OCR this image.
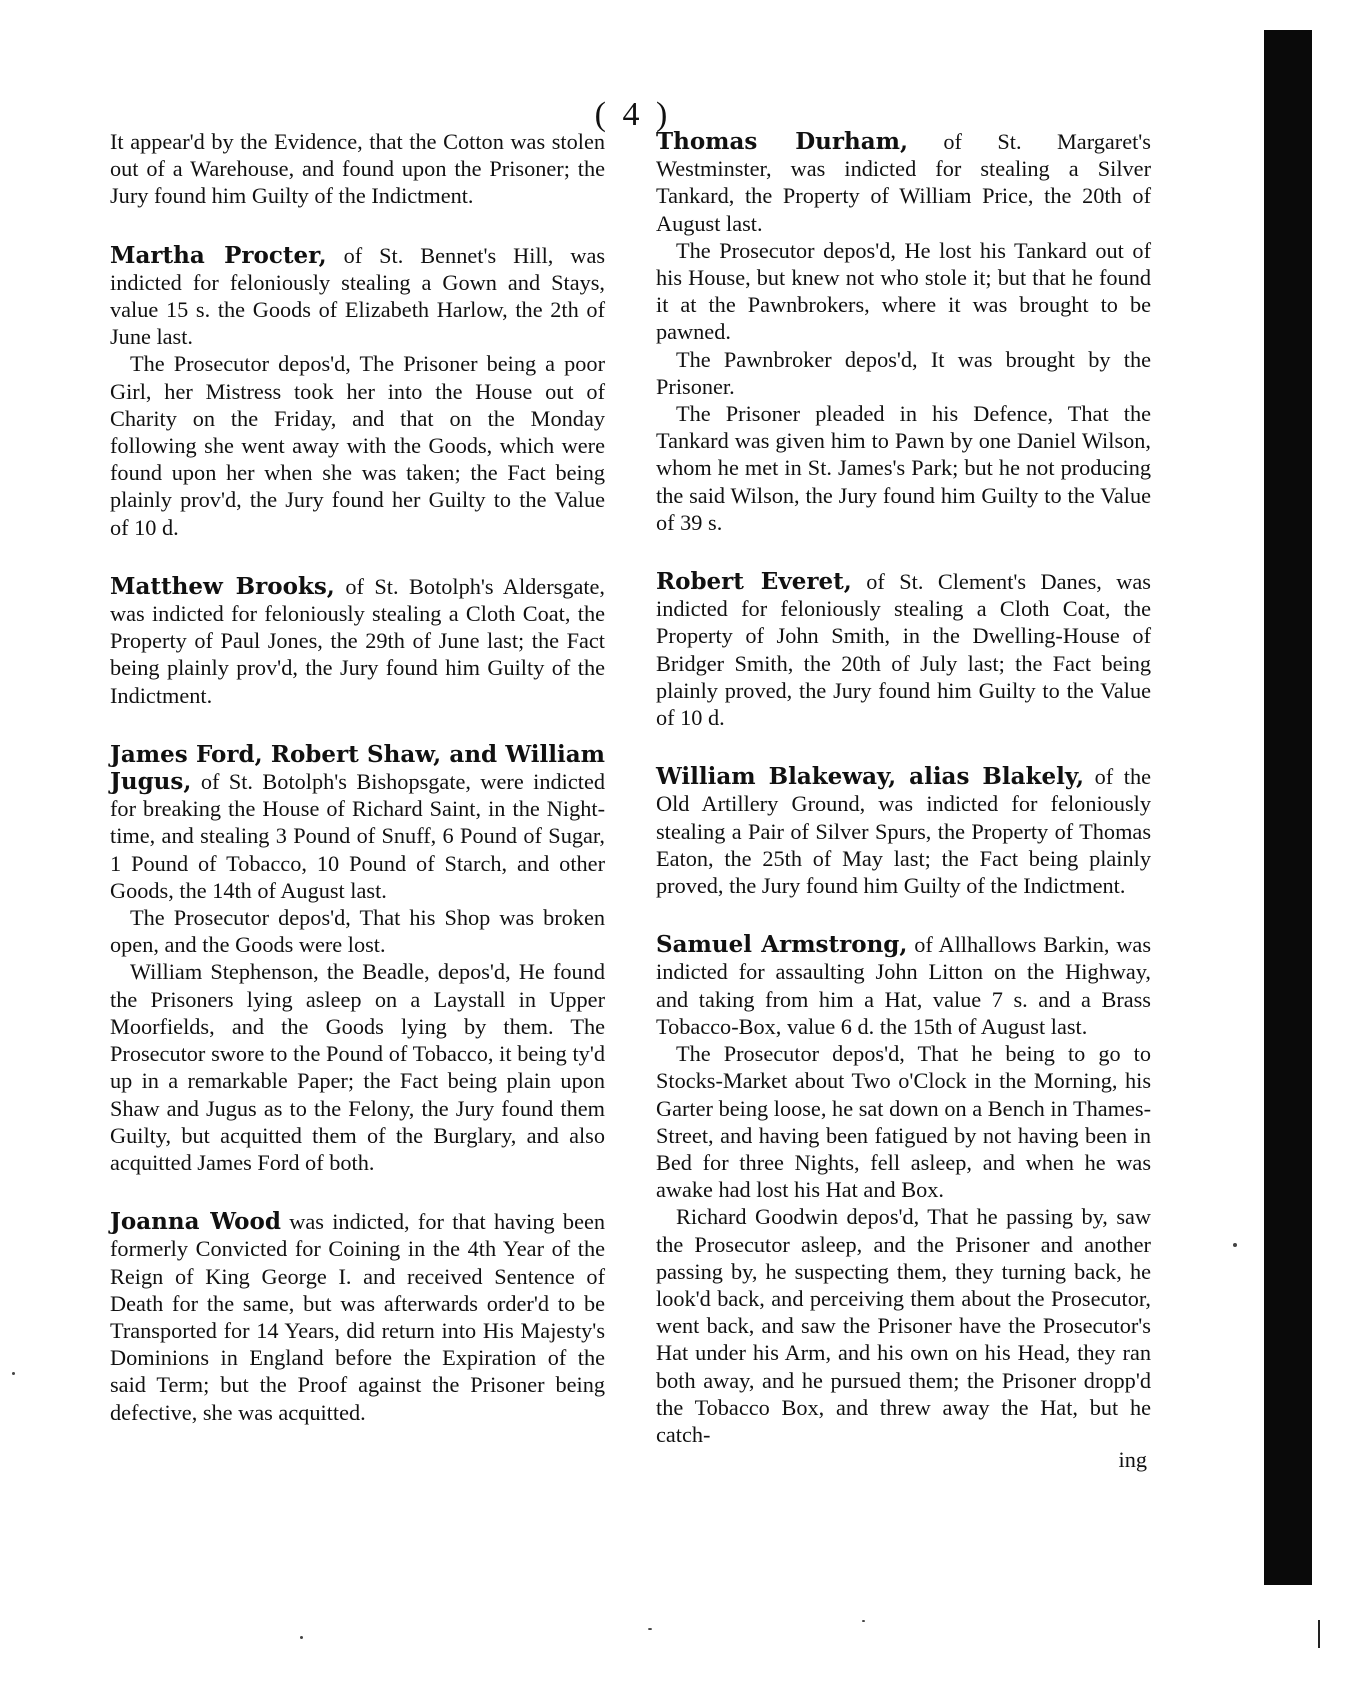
( 4 )

It appear'd by the Evidence, that the Cotton was stolen out of a Warehouse, and found upon the Prisoner; the Jury found him Guilty of the Indictment.

Martha Procter, of St. Bennet's Hill, was indicted for feloniously stealing a Gown and Stays, value 15 s. the Goods of Elizabeth Harlow, the 2th of June last.

The Prosecutor depos'd, The Prisoner being a poor Girl, her Mistress took her into the House out of Charity on the Friday, and that on the Monday following she went away with the Goods, which were found upon her when she was taken; the Fact being plainly prov'd, the Jury found her Guilty to the Value of 10 d.

Matthew Brooks, of St. Botolph's Aldersgate, was indicted for feloniously stealing a Cloth Coat, the Property of Paul Jones, the 29th of June last; the Fact being plainly prov'd, the Jury found him Guilty of the Indictment.

James Ford, Robert Shaw, and William Jugus, of St. Botolph's Bishopsgate, were indicted for breaking the House of Richard Saint, in the Night-time, and stealing 3 Pound of Snuff, 6 Pound of Sugar, 1 Pound of Tobacco, 10 Pound of Starch, and other Goods, the 14th of August last.

The Prosecutor depos'd, That his Shop was broken open, and the Goods were lost.

William Stephenson, the Beadle, depos'd, He found the Prisoners lying asleep on a Laystall in Upper Moorfields, and the Goods lying by them. The Prosecutor swore to the Pound of Tobacco, it being ty'd up in a remarkable Paper; the Fact being plain upon Shaw and Jugus as to the Felony, the Jury found them Guilty, but acquitted them of the Burglary, and also acquitted James Ford of both.

Joanna Wood was indicted, for that having been formerly Convicted for Coining in the 4th Year of the Reign of King George I. and received Sentence of Death for the same, but was afterwards order'd to be Transported for 14 Years, did return into His Majesty's Dominions in England before the Expiration of the said Term; but the Proof against the Prisoner being defective, she was acquitted.

Thomas Durham, of St. Margaret's Westminster, was indicted for stealing a Silver Tankard, the Property of William Price, the 20th of August last.

The Prosecutor depos'd, He lost his Tankard out of his House, but knew not who stole it; but that he found it at the Pawnbrokers, where it was brought to be pawned.

The Pawnbroker depos'd, It was brought by the Prisoner.

The Prisoner pleaded in his Defence, That the Tankard was given him to Pawn by one Daniel Wilson, whom he met in St. James's Park; but he not producing the said Wilson, the Jury found him Guilty to the Value of 39 s.

Robert Everet, of St. Clement's Danes, was indicted for feloniously stealing a Cloth Coat, the Property of John Smith, in the Dwelling-House of Bridger Smith, the 20th of July last; the Fact being plainly proved, the Jury found him Guilty to the Value of 10 d.

William Blakeway, alias Blakely, of the Old Artillery Ground, was indicted for feloniously stealing a Pair of Silver Spurs, the Property of Thomas Eaton, the 25th of May last; the Fact being plainly proved, the Jury found him Guilty of the Indictment.

Samuel Armstrong, of Allhallows Barkin, was indicted for assaulting John Litton on the Highway, and taking from him a Hat, value 7 s. and a Brass Tobacco-Box, value 6 d. the 15th of August last.

The Prosecutor depos'd, That he being to go to Stocks-Market about Two o'Clock in the Morning, his Garter being loose, he sat down on a Bench in Thames-Street, and having been fatigued by not having been in Bed for three Nights, fell asleep, and when he was awake had lost his Hat and Box.

Richard Goodwin depos'd, That he passing by, saw the Prosecutor asleep, and the Prisoner and another passing by, he suspecting them, they turning back, he look'd back, and perceiving them about the Prosecutor, went back, and saw the Prisoner have the Prosecutor's Hat under his Arm, and his own on his Head, they ran both away, and he pursued them; the Prisoner dropp'd the Tobacco Box, and threw away the Hat, but he catch-

ing
